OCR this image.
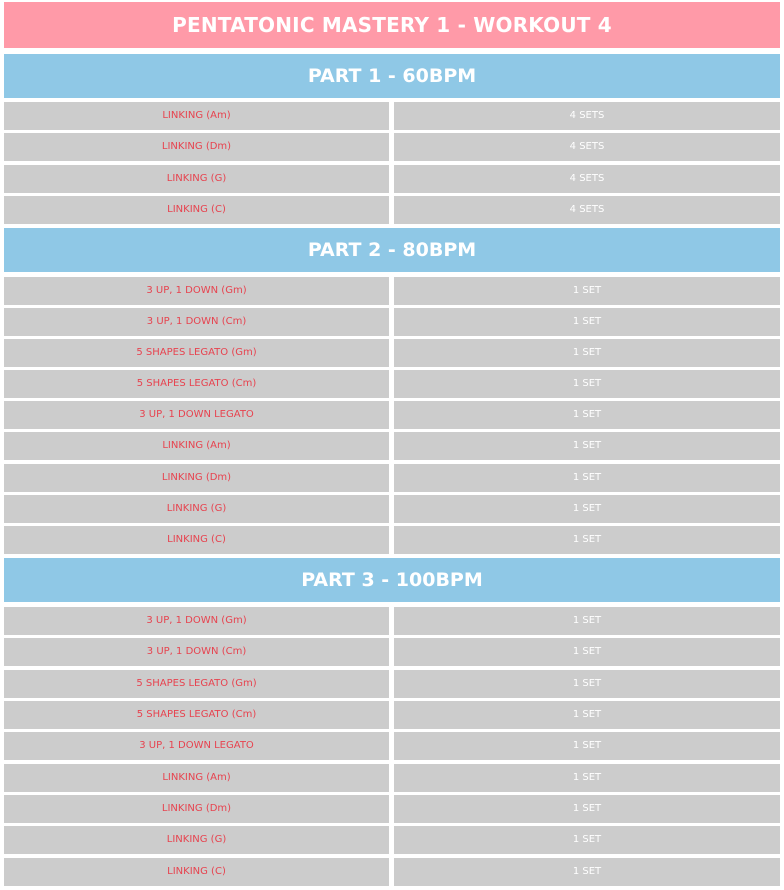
PENTATONIC MASTERY 1 - WORKOUT 4
PART 1 - 60BPM
LINKING (Am)	4 SETS
LINKING (Dm)	4 SETS
LINKING (G)	4 SETS
LINKING (C)	4 SETS
PART 2 - 80BPM
3 UP, 1 DOWN (Gm)	1 SET
3 UP, 1 DOWN (Cm)	1 SET
5 SHAPES LEGATO (Gm)	1 SET
5 SHAPES LEGATO (Cm)	1 SET
3 UP, 1 DOWN LEGATO	1 SET
LINKING (Am)	1 SET
LINKING (Dm)	1 SET
LINKING (G)	1 SET
LINKING (C)	1 SET
PART 3 - 100BPM
3 UP, 1 DOWN (Gm)	1 SET
3 UP, 1 DOWN (Cm)	1 SET
5 SHAPES LEGATO (Gm)	1 SET
5 SHAPES LEGATO (Cm)	1 SET
3 UP, 1 DOWN LEGATO	1 SET
LINKING (Am)	1 SET
LINKING (Dm)	1 SET
LINKING (G)	1 SET
LINKING (C)	1 SET
